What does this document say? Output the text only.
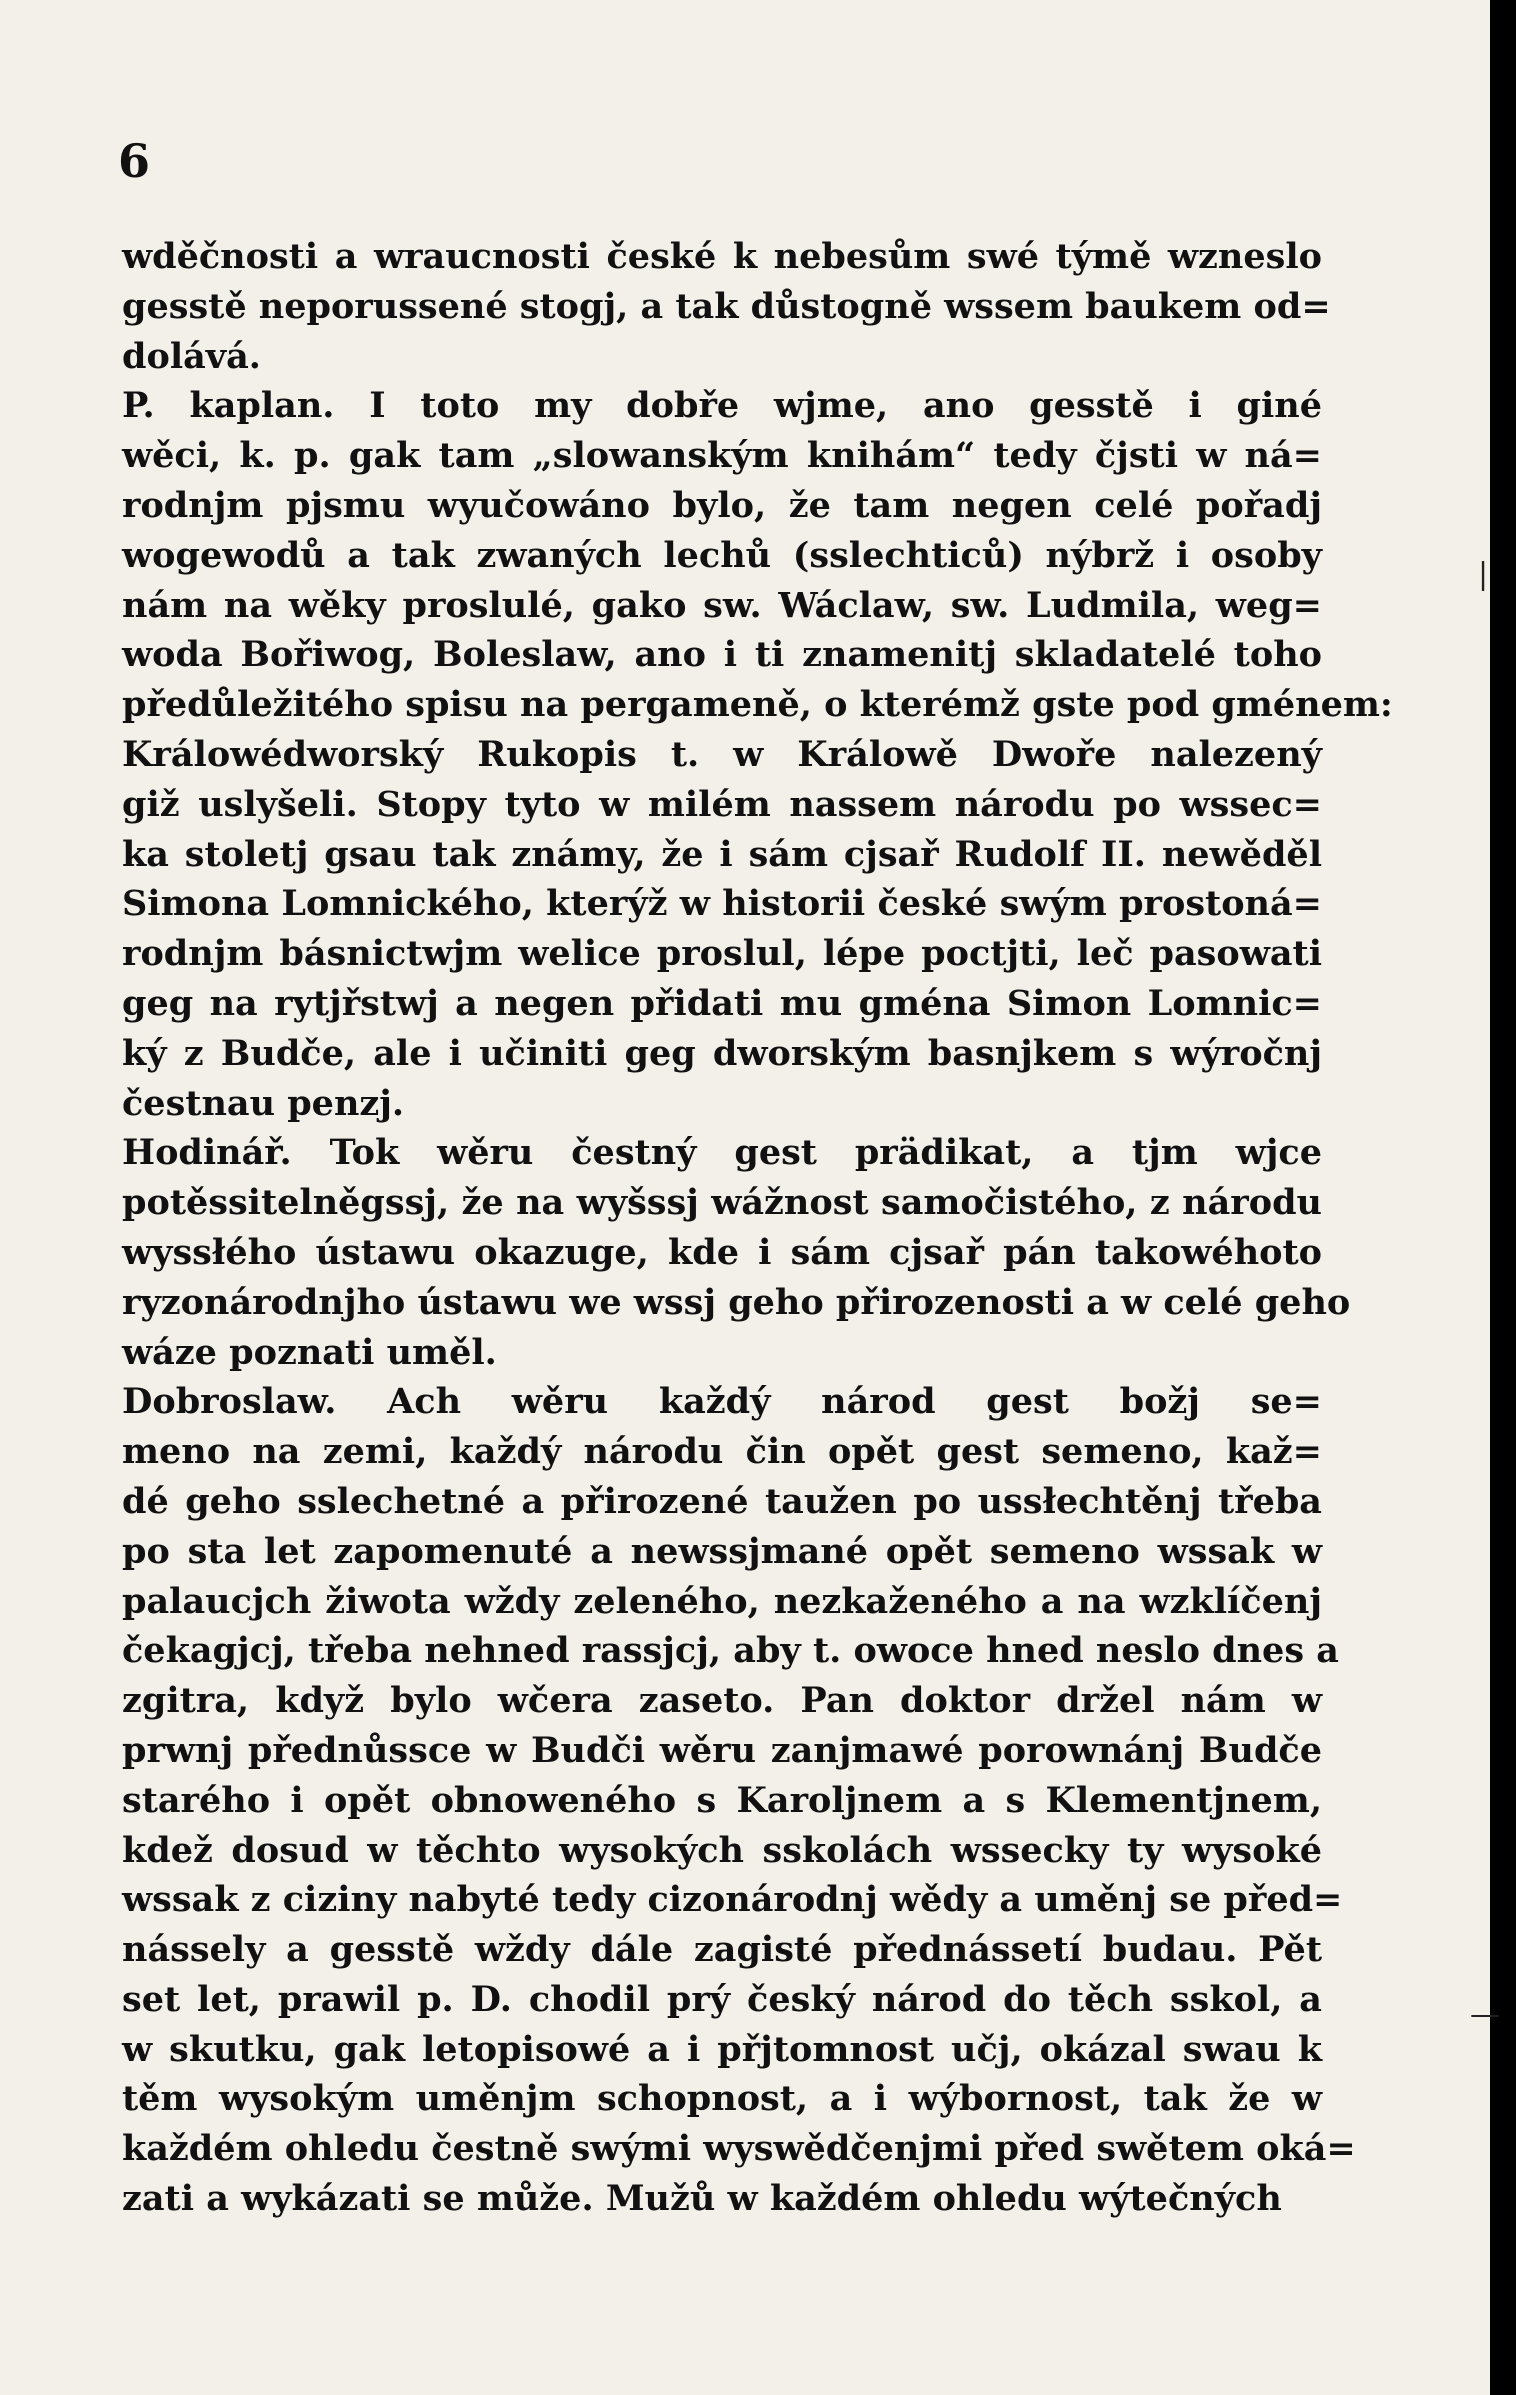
6
wděčnosti a wraucnosti české k nebesům swé týmě wzneslo
gesstě neporussené stogj, a tak důstogně wssem baukem od=
dolává.
P. kaplan. I toto my dobře wjme, ano gesstě i giné
wěci, k. p. gak tam „slowanským knihám“ tedy čjsti w ná=
rodnjm pjsmu wyučowáno bylo, že tam negen celé pořadj
wogewodů a tak zwaných lechů (sslechticů) nýbrž i osoby
nám na wěky proslulé, gako sw. Wáclaw, sw. Ludmila, weg=
woda Bořiwog, Boleslaw, ano i ti znamenitj skladatelé toho
předůležitého spisu na pergameně, o kterémž gste pod gménem:
Králowédworský Rukopis t. w Králowě Dwoře nalezený
giž uslyšeli. Stopy tyto w milém nassem národu po wssec=
ka stoletj gsau tak známy, že i sám cjsař Rudolf II. newěděl
Simona Lomnického, kterýž w historii české swým prostoná=
rodnjm básnictwjm welice proslul, lépe poctjti, leč pasowati
geg na rytjřstwj a negen přidati mu gména Simon Lomnic=
ký z Budče, ale i učiniti geg dworským basnjkem s wýročnj
čestnau penzj.
Hodinář. Tok wěru čestný gest prädikat, a tjm wjce
potěssitelněgssj, že na wyšssj wážnost samočistého, z národu
wyssłého ústawu okazuge, kde i sám cjsař pán takowéhoto
ryzonárodnjho ústawu we wssj geho přirozenosti a w celé geho
wáze poznati uměl.
Dobroslaw. Ach wěru každý národ gest božj se=
meno na zemi, každý národu čin opět gest semeno, kaž=
dé geho sslechetné a přirozené taužen po ussłechtěnj třeba
po sta let zapomenuté a newssjmané opět semeno wssak w
palaucjch žiwota wždy zeleného, nezkaženého a na wzklíčenj
čekagjcj, třeba nehned rassjcj, aby t. owoce hned neslo dnes a
zgitra, když bylo wčera zaseto. Pan doktor držel nám w
prwnj přednůssce w Budči wěru zanjmawé porownánj Budče
starého i opět obnoweného s Karoljnem a s Klementjnem,
kdež dosud w těchto wysokých sskolách wssecky ty wysoké
wssak z ciziny nabyté tedy cizonárodnj wědy a uměnj se před=
nássely a gesstě wždy dále zagisté přednássetí budau. Pět
set let, prawil p. D. chodil prý český národ do těch sskol, a
w skutku, gak letopisowé a i přjtomnost učj, okázal swau k
těm wysokým uměnjm schopnost, a i wýbornost, tak že w
každém ohledu čestně swými wyswědčenjmi před swětem oká=
zati a wykázati se může. Mužů w každém ohledu wýtečných
|
—
